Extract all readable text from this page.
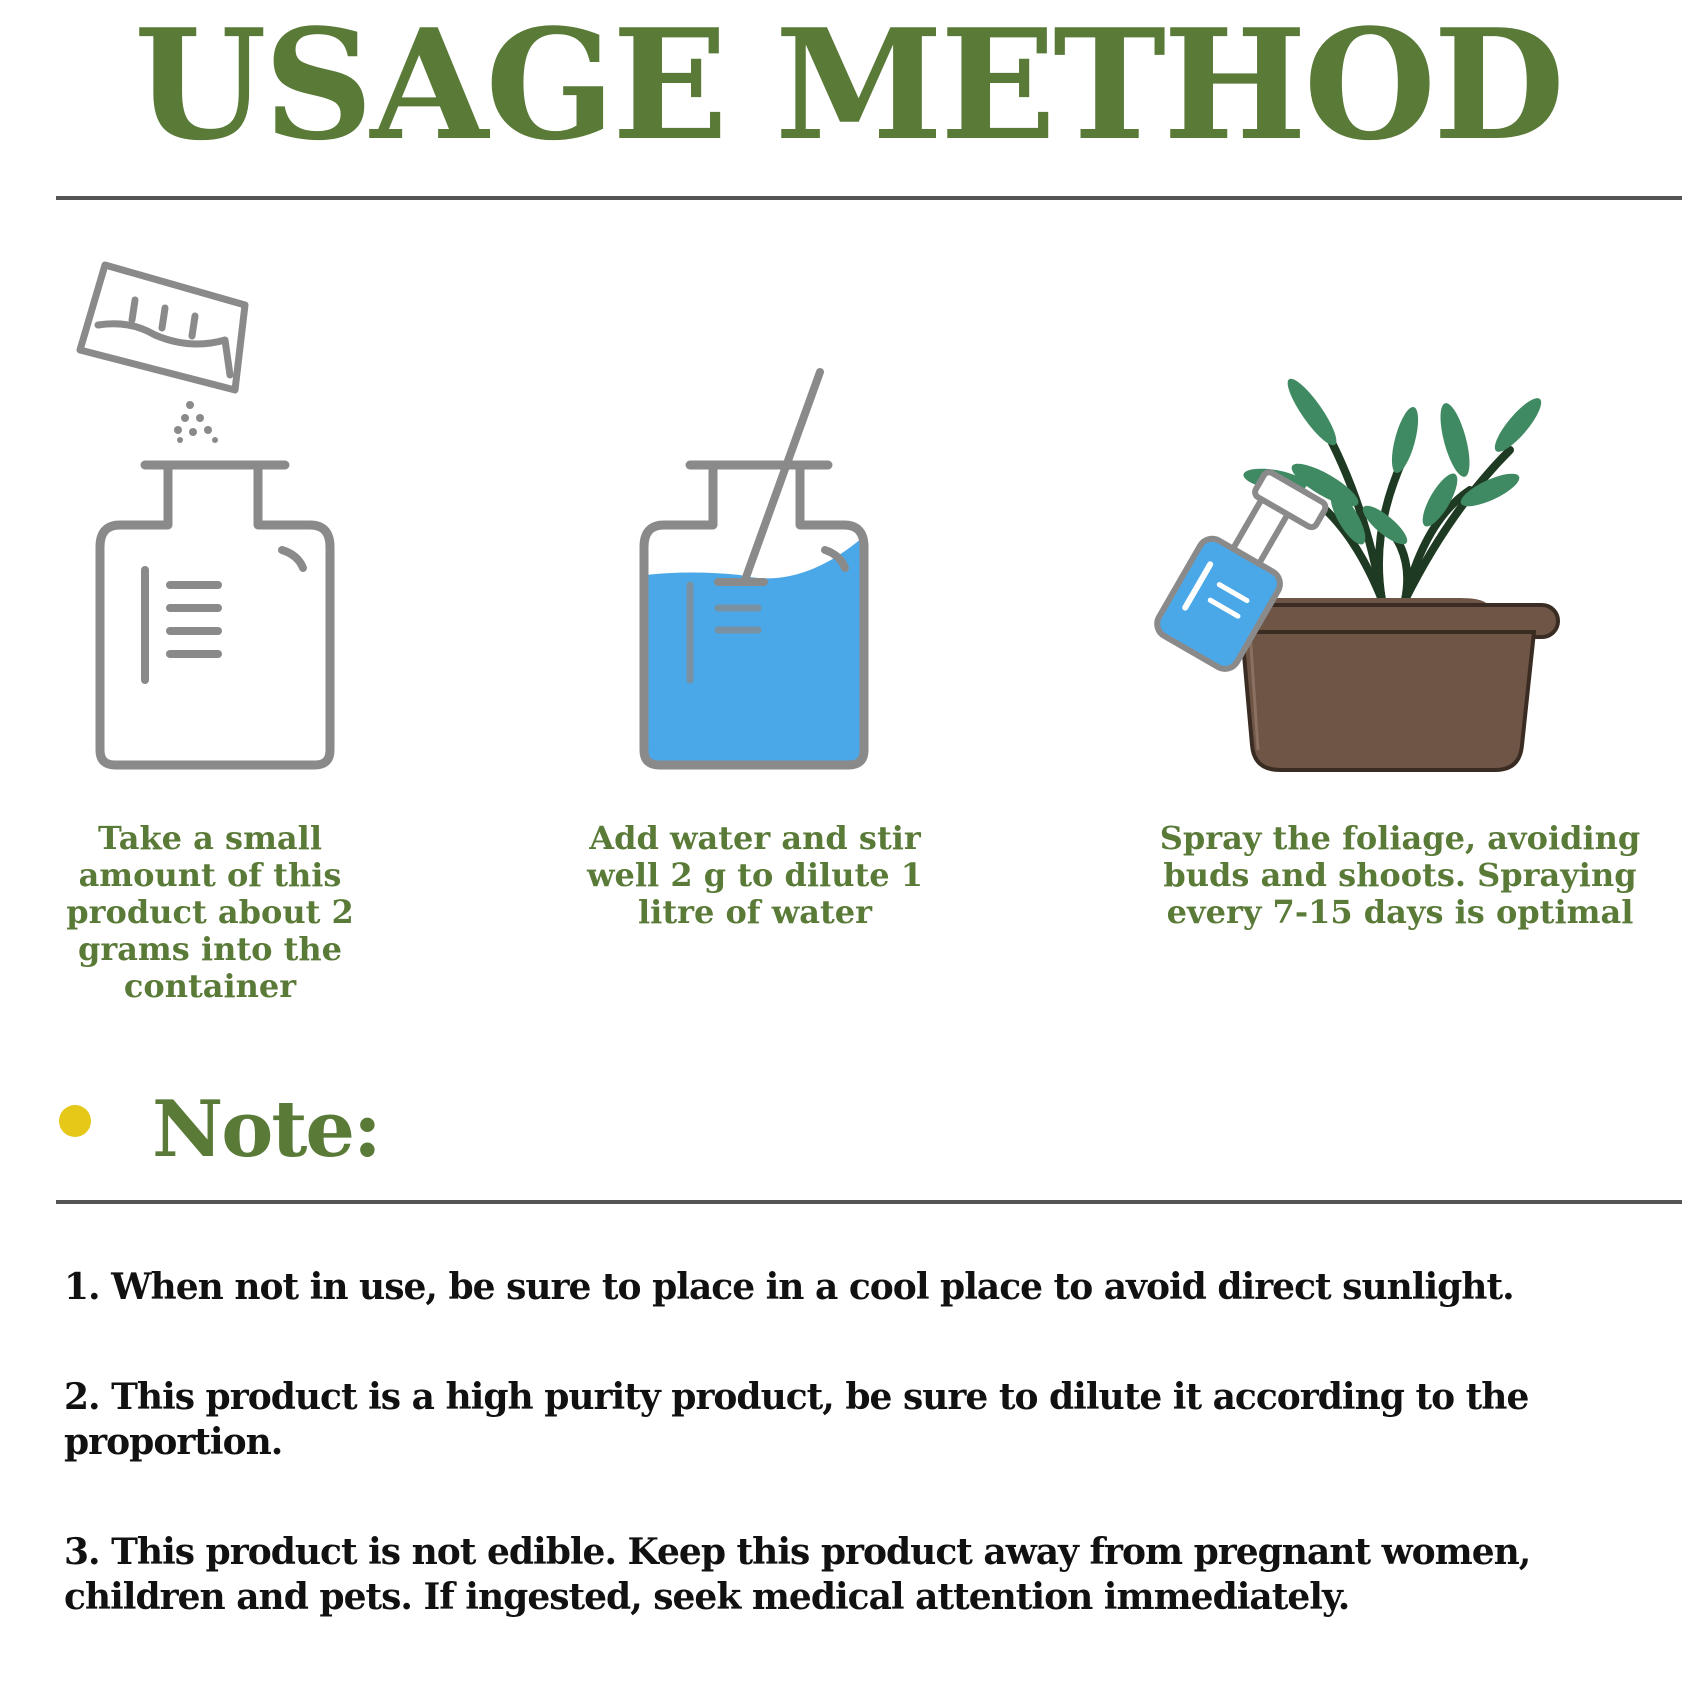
USAGE METHOD
Take a small amount of this product about 2 grams into the container
Add water and stir well 2 g to dilute 1 litre of water
Spray the foliage, avoiding buds and shoots. Spraying every 7-15 days is optimal
Note:
1. When not in use, be sure to place in a cool place to avoid direct sunlight.
2. This product is a high purity product, be sure to dilute it according to the proportion.
3. This product is not edible. Keep this product away from pregnant women, children and pets. If ingested, seek medical attention immediately.
